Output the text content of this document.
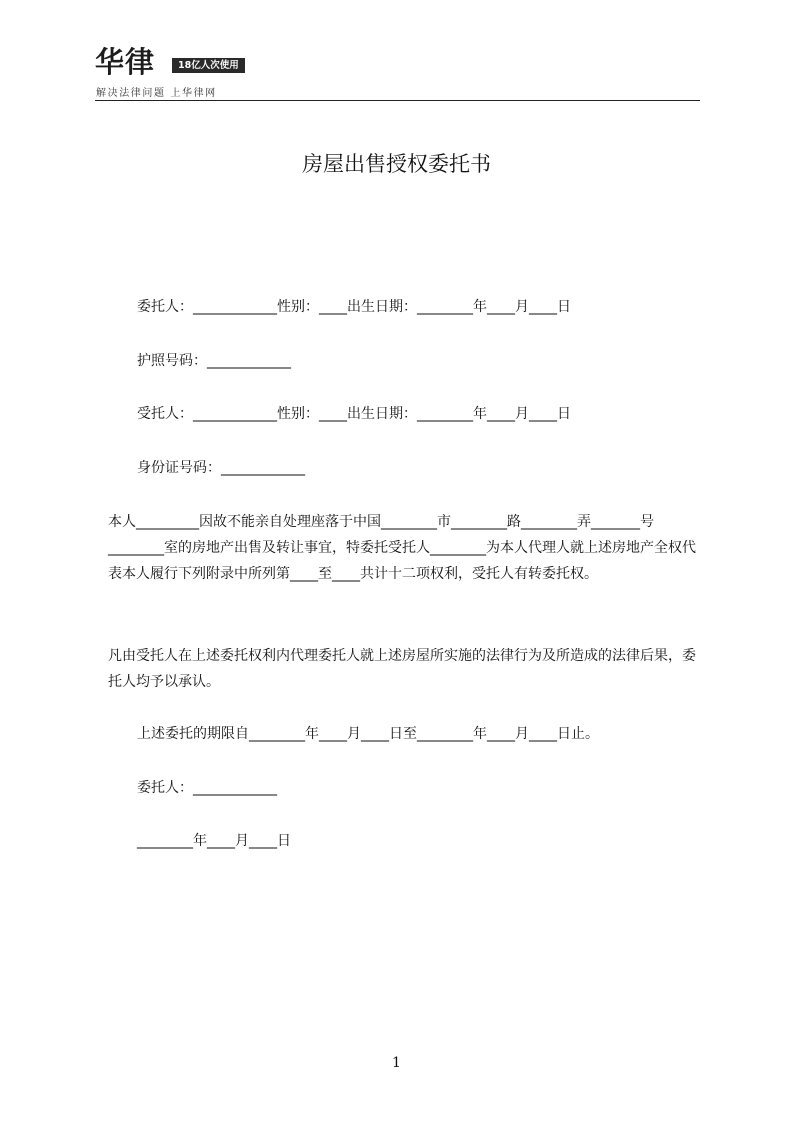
华律	18亿人次使用
解决法律问题 上华律网
房屋出售授权委托书
委托人：____________性别：____出生日期：________年____月____日
护照号码：____________
受托人：____________性别：____出生日期：________年____月____日
身份证号码：____________
本人_________因故不能亲自处理座落于中国________市________路________弄_______号________室的房地产出售及转让事宜，特委托受托人________为本人代理人就上述房地产全权代表本人履行下列附录中所列第____至____共计十二项权利，受托人有转委托权。
凡由受托人在上述委托权利内代理委托人就上述房屋所实施的法律行为及所造成的法律后果，委托人均予以承认。
上述委托的期限自________年____月____日至________年____月____日止。
委托人：____________
________年____月____日
1
